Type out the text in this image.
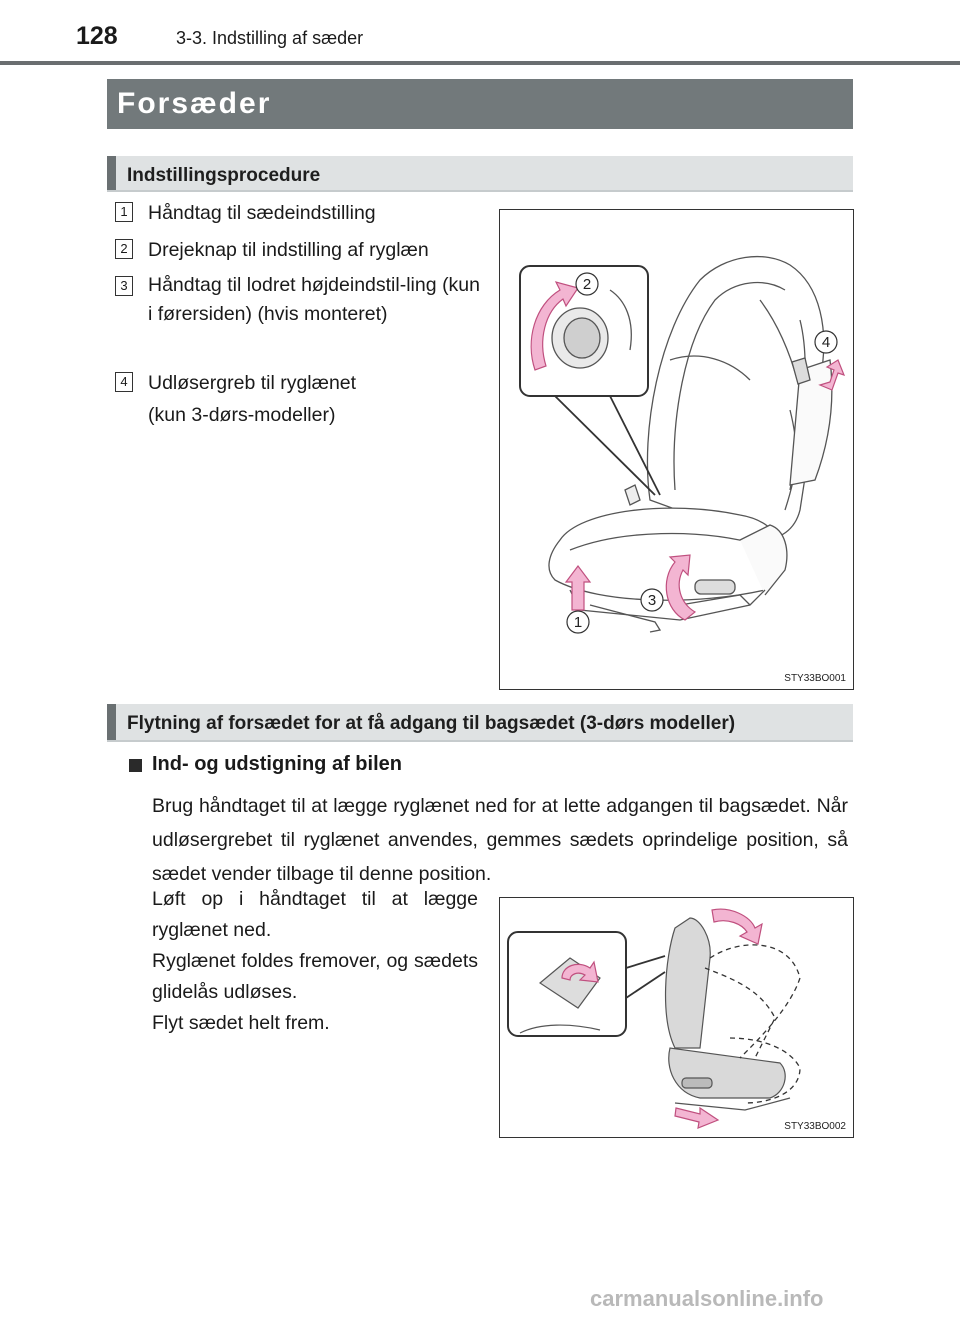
128	3-3. Indstilling af sæder
Forsæder
Indstillingsprocedure
1 Håndtag til sædeindstilling
2 Drejeknap til indstilling af ryglæn
3 Håndtag til lodret højdeindstil-ling (kun i førersiden) (hvis monteret)
4 Udløsergreb til ryglænet
(kun 3-dørs-modeller)
2
4
3
1
STY33BO001
Flytning af forsædet for at få adgang til bagsædet (3-dørs modeller)
Ind- og udstigning af bilen
Brug håndtaget til at lægge ryglænet ned for at lette adgangen til bagsædet. Når udløsergrebet til ryglænet anvendes, gemmes sædets oprindelige position, så sædet vender tilbage til denne position.
Løft op i håndtaget til at lægge ryglænet ned.
Ryglænet foldes fremover, og sædets glidelås udløses.
Flyt sædet helt frem.
STY33BO002
carmanualsonline.info
